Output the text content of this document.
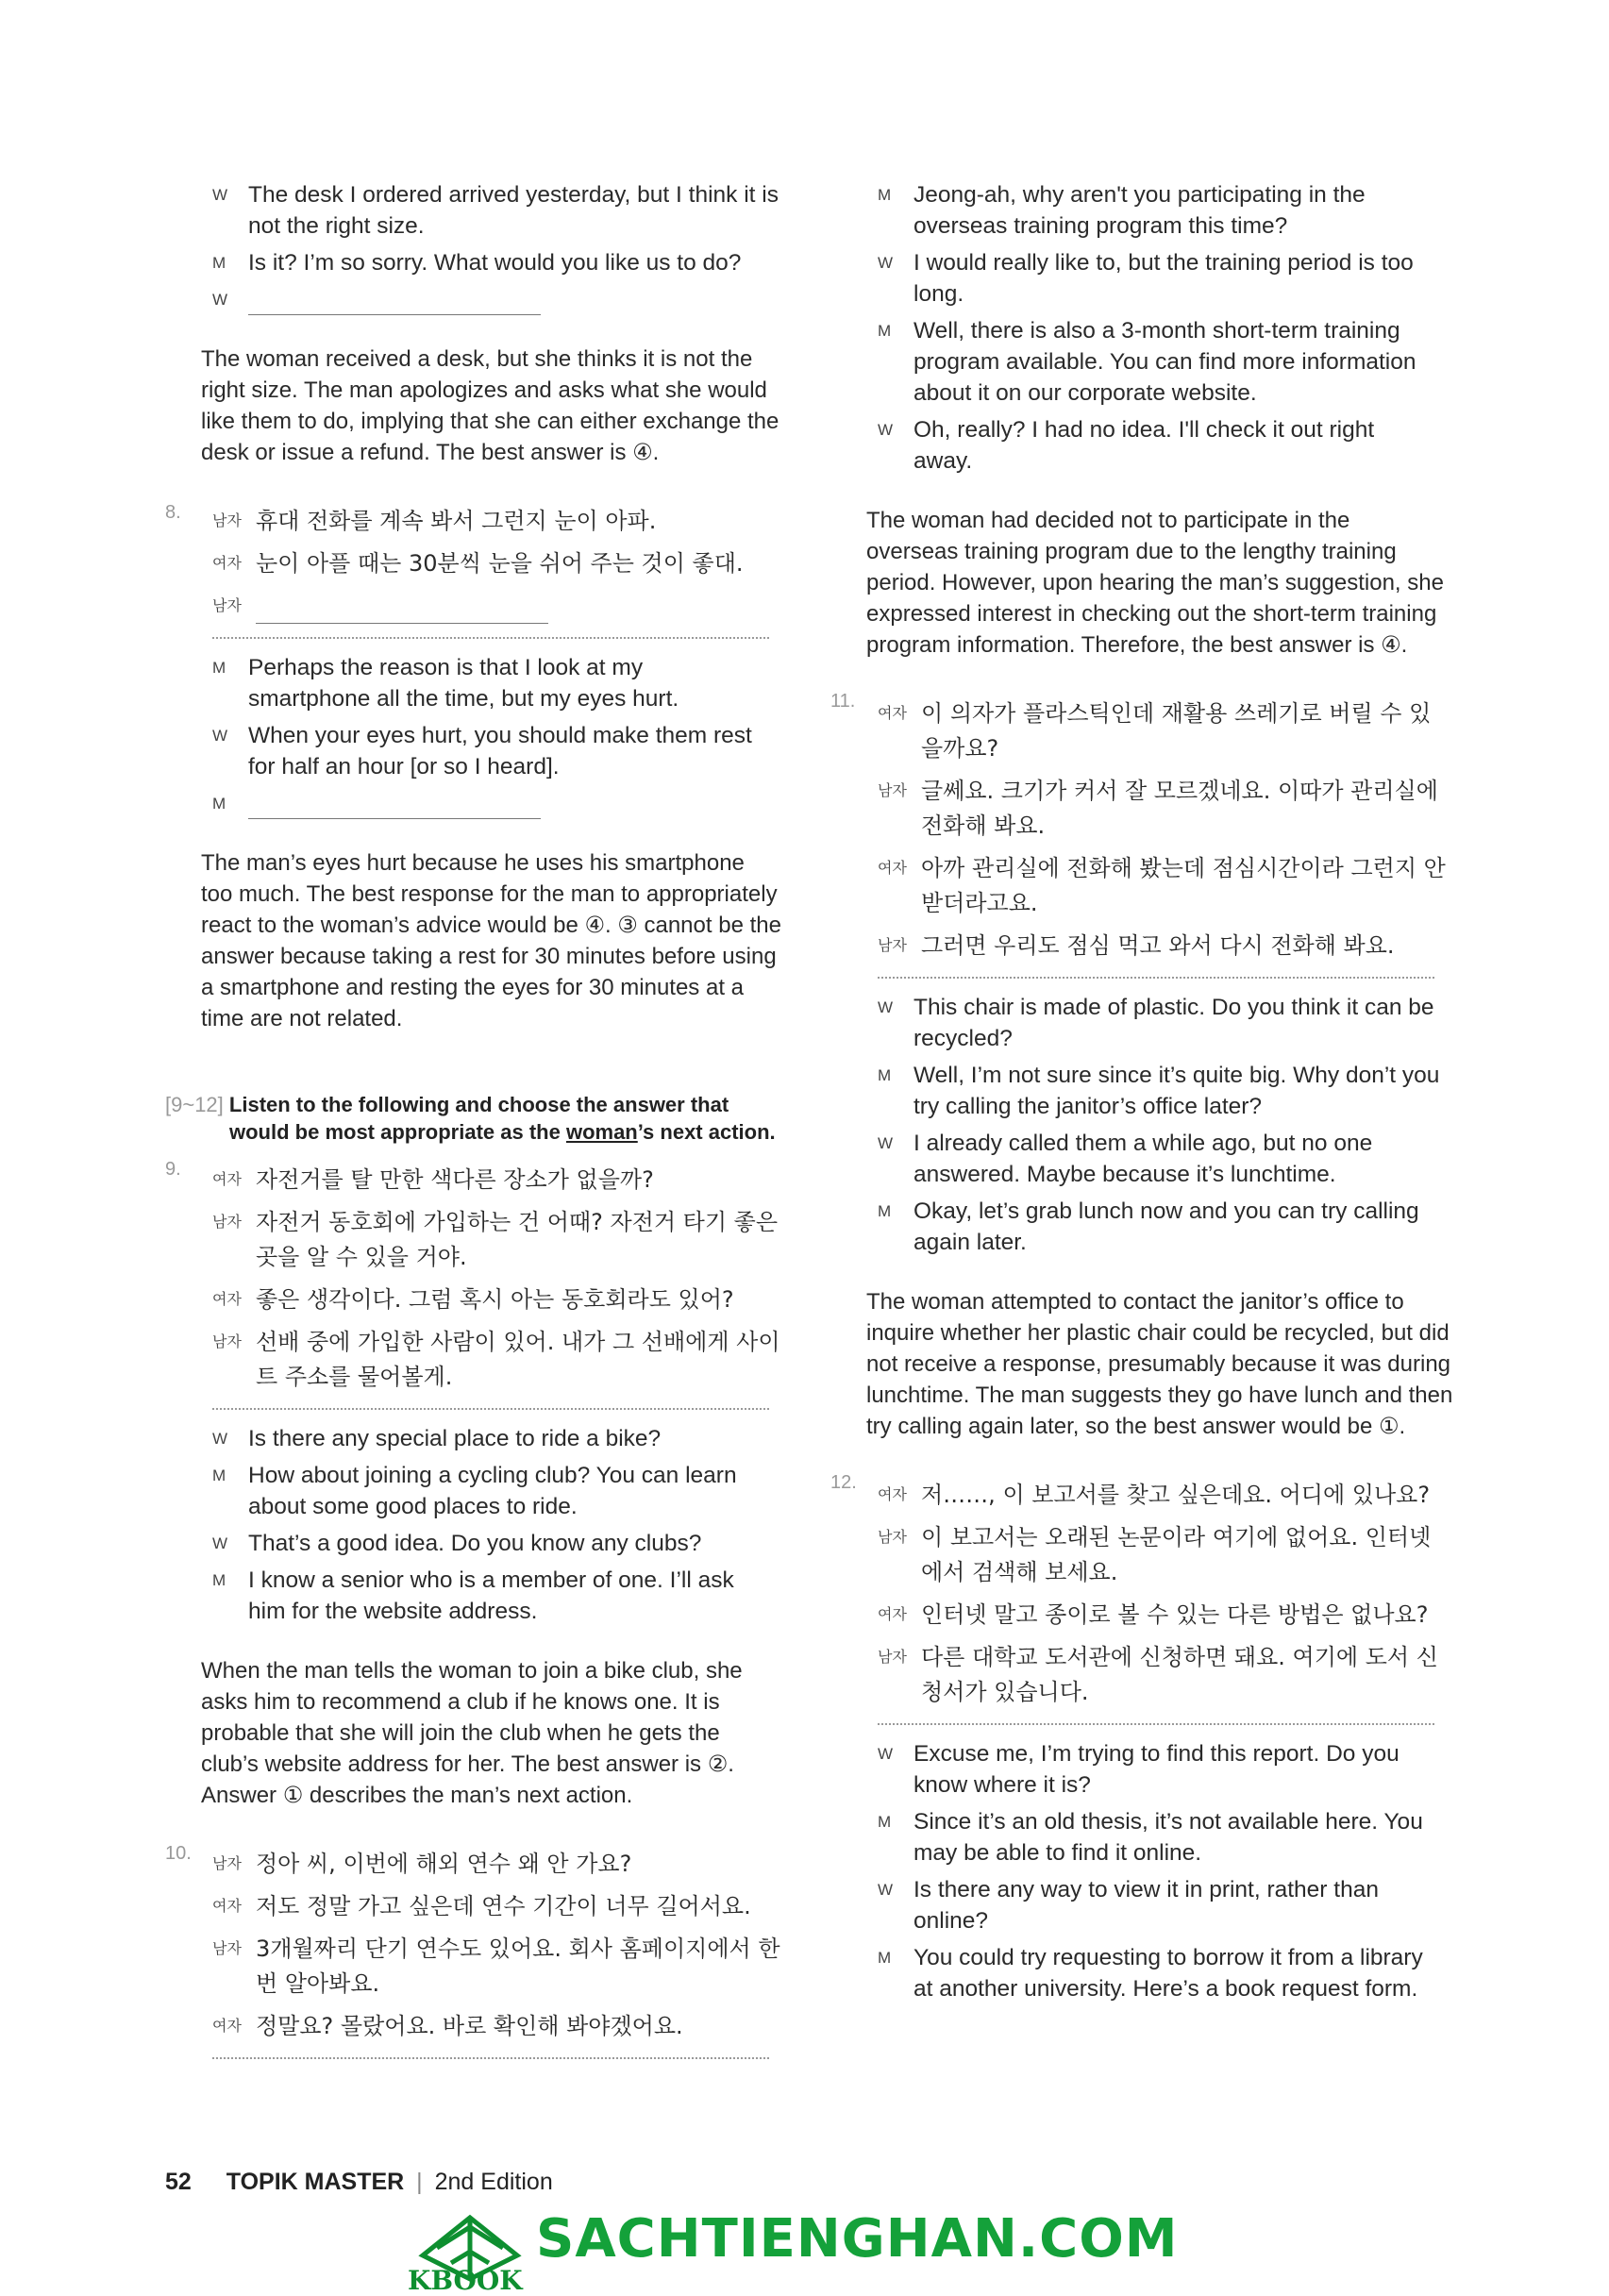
W The desk I ordered arrived yesterday, but I think it is not the right size.
M Is it? I’m so sorry. What would you like us to do?
W

The woman received a desk, but she thinks it is not the right size. The man apologizes and asks what she would like them to do, implying that she can either exchange the desk or issue a refund. The best answer is ④.

8. 남자 휴대 전화를 계속 봐서 그런지 눈이 아파.
여자 눈이 아플 때는 30분씩 눈을 쉬어 주는 것이 좋대.
남자
M Perhaps the reason is that I look at my smartphone all the time, but my eyes hurt.
W When your eyes hurt, you should make them rest for half an hour [or so I heard].
M

The man’s eyes hurt because he uses his smartphone too much. The best response for the man to appropriately react to the woman’s advice would be ④. ③ cannot be the answer because taking a rest for 30 minutes before using a smartphone and resting the eyes for 30 minutes at a time are not related.

[9~12] Listen to the following and choose the answer that
would be most appropriate as the woman’s next action.
9.
여자 자전거를 탈 만한 색다른 장소가 없을까?
남자 자전거 동호회에 가입하는 건 어때? 자전거 타기 좋은 곳을 알 수 있을 거야.
여자 좋은 생각이다. 그럼 혹시 아는 동호회라도 있어?
남자 선배 중에 가입한 사람이 있어. 내가 그 선배에게 사이트 주소를 물어볼게.
W Is there any special place to ride a bike?
M How about joining a cycling club? You can learn about some good places to ride.
W That’s a good idea. Do you know any clubs?
M I know a senior who is a member of one. I’ll ask him for the website address.

When the man tells the woman to join a bike club, she asks him to recommend a club if he knows one. It is probable that she will join the club when he gets the club’s website address for her. The best answer is ②. Answer ① describes the man’s next action.

10.
남자 정아 씨, 이번에 해외 연수 왜 안 가요?
여자 저도 정말 가고 싶은데 연수 기간이 너무 길어서요.
남자 3개월짜리 단기 연수도 있어요. 회사 홈페이지에서 한번 알아봐요.
여자 정말요? 몰랐어요. 바로 확인해 봐야겠어요.
M Jeong-ah, why aren't you participating in the overseas training program this time?
W I would really like to, but the training period is too long.
M Well, there is also a 3-month short-term training program available. You can find more information about it on our corporate website.
W Oh, really? I had no idea. I'll check it out right away.

The woman had decided not to participate in the overseas training program due to the lengthy training period. However, upon hearing the man’s suggestion, she expressed interest in checking out the short-term training program information. Therefore, the best answer is ④.

11.
여자 이 의자가 플라스틱인데 재활용 쓰레기로 버릴 수 있을까요?
남자 글쎄요. 크기가 커서 잘 모르겠네요. 이따가 관리실에 전화해 봐요.
여자 아까 관리실에 전화해 봤는데 점심시간이라 그런지 안 받더라고요.
남자 그러면 우리도 점심 먹고 와서 다시 전화해 봐요.
W This chair is made of plastic. Do you think it can be recycled?
M Well, I’m not sure since it’s quite big. Why don’t you try calling the janitor’s office later?
W I already called them a while ago, but no one answered. Maybe because it’s lunchtime.
M Okay, let’s grab lunch now and you can try calling again later.

The woman attempted to contact the janitor’s office to inquire whether her plastic chair could be recycled, but did not receive a response, presumably because it was during lunchtime. The man suggests they go have lunch and then try calling again later, so the best answer would be ①.

12.
여자 저……, 이 보고서를 찾고 싶은데요. 어디에 있나요?
남자 이 보고서는 오래된 논문이라 여기에 없어요. 인터넷에서 검색해 보세요.
여자 인터넷 말고 종이로 볼 수 있는 다른 방법은 없나요?
남자 다른 대학교 도서관에 신청하면 돼요. 여기에 도서 신청서가 있습니다.
W Excuse me, I’m trying to find this report. Do you know where it is?
M Since it’s an old thesis, it’s not available here. You may be able to find it online.
W Is there any way to view it in print, rather than online?
M You could try requesting to borrow it from a library at another university. Here’s a book request form.
52 TOPIK MASTER | 2nd Edition
SACHTIENGHAN.COM
KBOOK
